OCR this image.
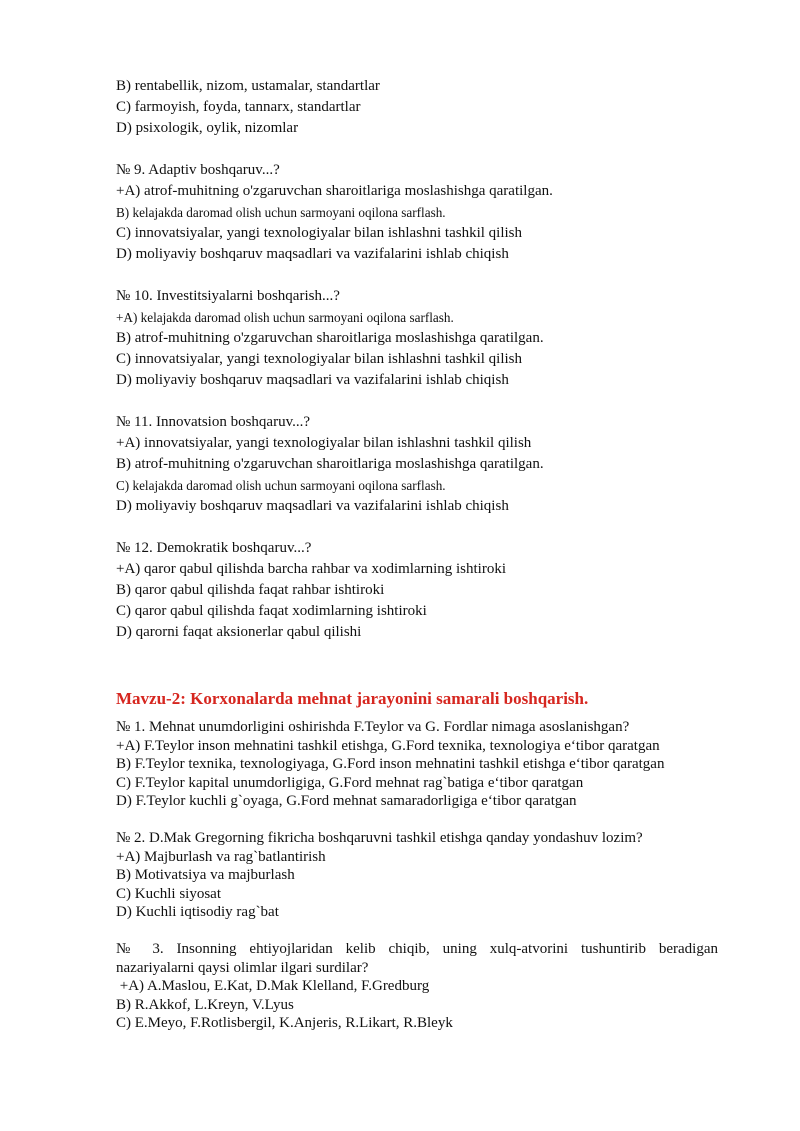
B) rentabellik, nizom, ustamalar, standartlar
C) farmoyish, foyda, tannarx, standartlar
D) psixologik, oylik, nizomlar
№ 9. Adaptiv boshqaruv...?
+A) atrof-muhitning o'zgaruvchan sharoitlariga moslashishga qaratilgan.
B) kelajakda daromad olish uchun sarmoyani oqilona sarflash.
C) innovatsiyalar, yangi texnologiyalar bilan ishlashni tashkil qilish
D) moliyaviy boshqaruv maqsadlari va vazifalarini ishlab chiqish
№ 10. Investitsiyalarni boshqarish...?
+A) kelajakda daromad olish uchun sarmoyani oqilona sarflash.
B) atrof-muhitning o'zgaruvchan sharoitlariga moslashishga qaratilgan.
C) innovatsiyalar, yangi texnologiyalar bilan ishlashni tashkil qilish
D) moliyaviy boshqaruv maqsadlari va vazifalarini ishlab chiqish
№ 11. Innovatsion boshqaruv...?
+A) innovatsiyalar, yangi texnologiyalar bilan ishlashni tashkil qilish
B) atrof-muhitning o'zgaruvchan sharoitlariga moslashishga qaratilgan.
C) kelajakda daromad olish uchun sarmoyani oqilona sarflash.
D) moliyaviy boshqaruv maqsadlari va vazifalarini ishlab chiqish
№ 12. Demokratik boshqaruv...?
+A) qaror qabul qilishda barcha rahbar va xodimlarning ishtiroki
B) qaror qabul qilishda faqat rahbar ishtiroki
C) qaror qabul qilishda faqat xodimlarning ishtiroki
D) qarorni faqat aksionerlar qabul qilishi
Mavzu-2: Korxonalarda mehnat jarayonini samarali boshqarish.
№ 1. Mehnat unumdorligini oshirishda F.Teylor va G. Fordlar nimaga asoslanishgan?
+A) F.Teylor inson mehnatini tashkil etishga, G.Ford texnika, texnologiya e‘tibor qaratgan
B) F.Teylor texnika, texnologiyaga, G.Ford inson mehnatini tashkil etishga e‘tibor qaratgan
C) F.Teylor kapital unumdorligiga, G.Ford mehnat rag`batiga e‘tibor qaratgan
D) F.Teylor kuchli g`oyaga, G.Ford mehnat samaradorligiga e‘tibor qaratgan
№ 2. D.Mak Gregorning fikricha boshqaruvni tashkil etishga qanday yondashuv lozim?
+A) Majburlash va rag`batlantirish
B) Motivatsiya va majburlash
C) Kuchli siyosat
D) Kuchli iqtisodiy rag`bat
№ 3. Insonning ehtiyojlaridan kelib chiqib, uning xulq-atvorini tushuntirib beradigan
nazariyalarni qaysi olimlar ilgari surdilar?
+A) A.Maslou, E.Kat, D.Mak Klelland, F.Gredburg
B) R.Akkof, L.Kreyn, V.Lyus
C) E.Meyo, F.Rotlisbergil, K.Anjeris, R.Likart, R.Bleyk
